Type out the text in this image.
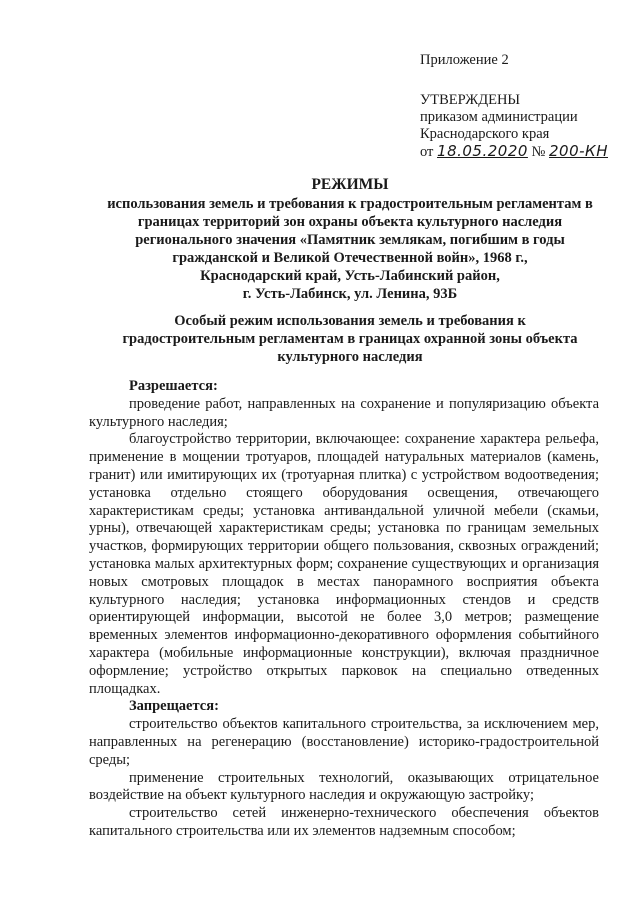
Приложение 2
УТВЕРЖДЕНЫ
приказом администрации
Краснодарского края
от 18.05.2020 № 200-КН
РЕЖИМЫ
использования земель и требования к градостроительным регламентам в
границах территорий зон охраны объекта культурного наследия
регионального значения «Памятник землякам, погибшим в годы
гражданской и Великой Отечественной войн», 1968 г.,
Краснодарский край, Усть-Лабинский район,
г. Усть-Лабинск, ул. Ленина, 93Б
Особый режим использования земель и требования к
градостроительным регламентам в границах охранной зоны объекта
культурного наследия
Разрешается:

проведение работ, направленных на сохранение и популяризацию объекта культурного наследия;

благоустройство территории, включающее: сохранение характера рельефа, применение в мощении тротуаров, площадей натуральных материалов (камень, гранит) или имитирующих их (тротуарная плитка) с устройством водоотведения; установка отдельно стоящего оборудования освещения, отвечающего характеристикам среды; установка антивандальной уличной мебели (скамьи, урны), отвечающей характеристикам среды; установка по границам земельных участков, формирующих территории общего пользования, сквозных ограждений; установка малых архитектурных форм; сохранение существующих и организация новых смотровых площадок в местах панорамного восприятия объекта культурного наследия; установка информационных стендов и средств ориентирующей информации, высотой не более 3,0 метров; размещение временных элементов информационно-декоративного оформления событийного характера (мобильные информационные конструкции), включая праздничное оформление; устройство открытых парковок на специально отведенных площадках.

Запрещается:

строительство объектов капитального строительства, за исключением мер, направленных на регенерацию (восстановление) историко-градостроительной среды;

применение строительных технологий, оказывающих отрицательное воздействие на объект культурного наследия и окружающую застройку;

строительство сетей инженерно-технического обеспечения объектов капитального строительства или их элементов надземным способом;
